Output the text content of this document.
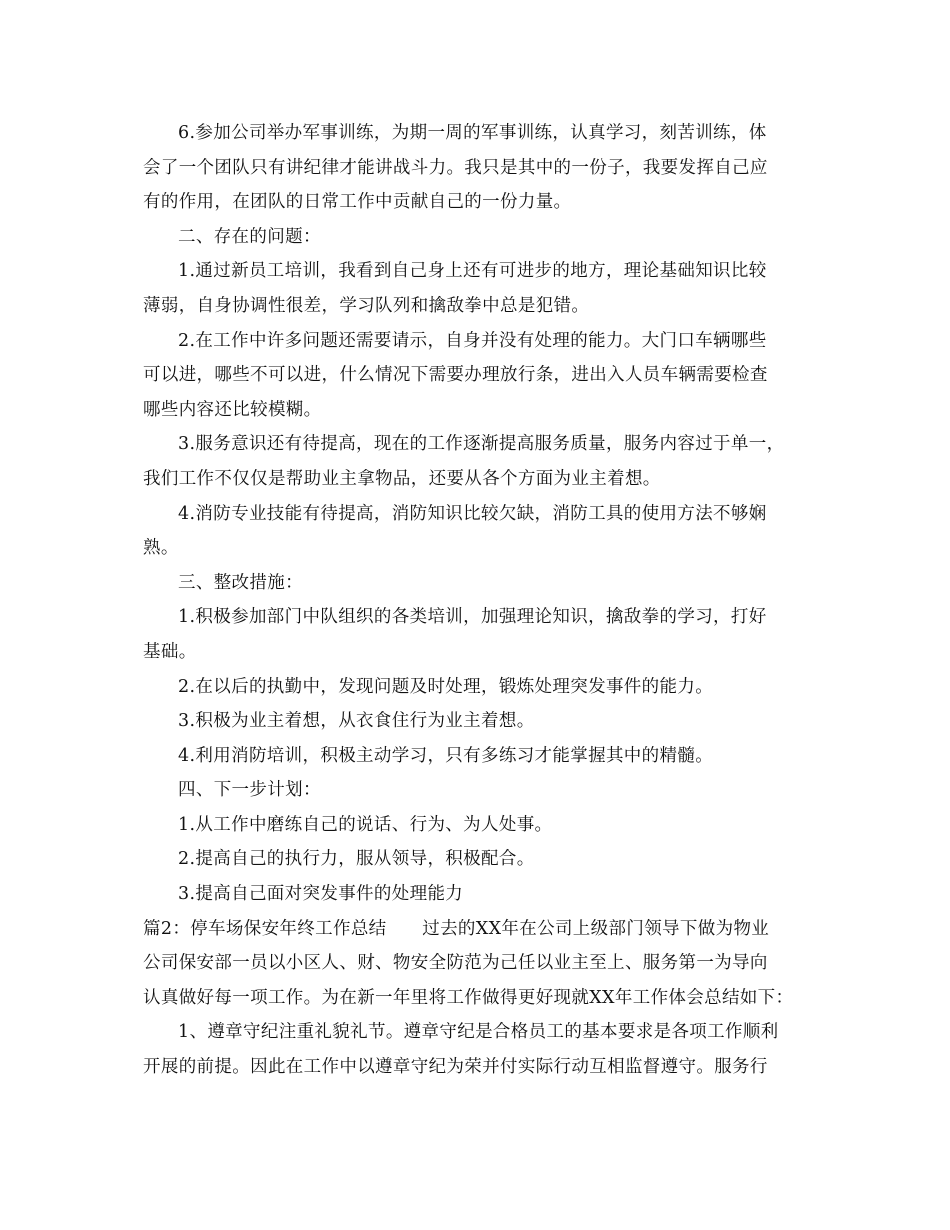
6.参加公司举办军事训练，为期一周的军事训练，认真学习，刻苦训练，体
会了一个团队只有讲纪律才能讲战斗力。我只是其中的一份子，我要发挥自己应
有的作用，在团队的日常工作中贡献自己的一份力量。
二、存在的问题：
1.通过新员工培训，我看到自己身上还有可进步的地方，理论基础知识比较
薄弱，自身协调性很差，学习队列和擒敌拳中总是犯错。
2.在工作中许多问题还需要请示，自身并没有处理的能力。大门口车辆哪些
可以进，哪些不可以进，什么情况下需要办理放行条，进出入人员车辆需要检查
哪些内容还比较模糊。
3.服务意识还有待提高，现在的工作逐渐提高服务质量，服务内容过于单一，
我们工作不仅仅是帮助业主拿物品，还要从各个方面为业主着想。
4.消防专业技能有待提高，消防知识比较欠缺，消防工具的使用方法不够娴
熟。
三、整改措施：
1.积极参加部门中队组织的各类培训，加强理论知识，擒敌拳的学习，打好
基础。
2.在以后的执勤中，发现问题及时处理，锻炼处理突发事件的能力。
3.积极为业主着想，从衣食住行为业主着想。
4.利用消防培训，积极主动学习，只有多练习才能掌握其中的精髓。
四、下一步计划：
1.从工作中磨练自己的说话、行为、为人处事。
2.提高自己的执行力，服从领导，积极配合。
3.提高自己面对突发事件的处理能力
篇2：停车场保安年终工作总结　　过去的XX年在公司上级部门领导下做为物业
公司保安部一员以小区人、财、物安全防范为己任以业主至上、服务第一为导向
认真做好每一项工作。为在新一年里将工作做得更好现就XX年工作体会总结如下：
1、遵章守纪注重礼貌礼节。遵章守纪是合格员工的基本要求是各项工作顺利
开展的前提。因此在工作中以遵章守纪为荣并付实际行动互相监督遵守。服务行
